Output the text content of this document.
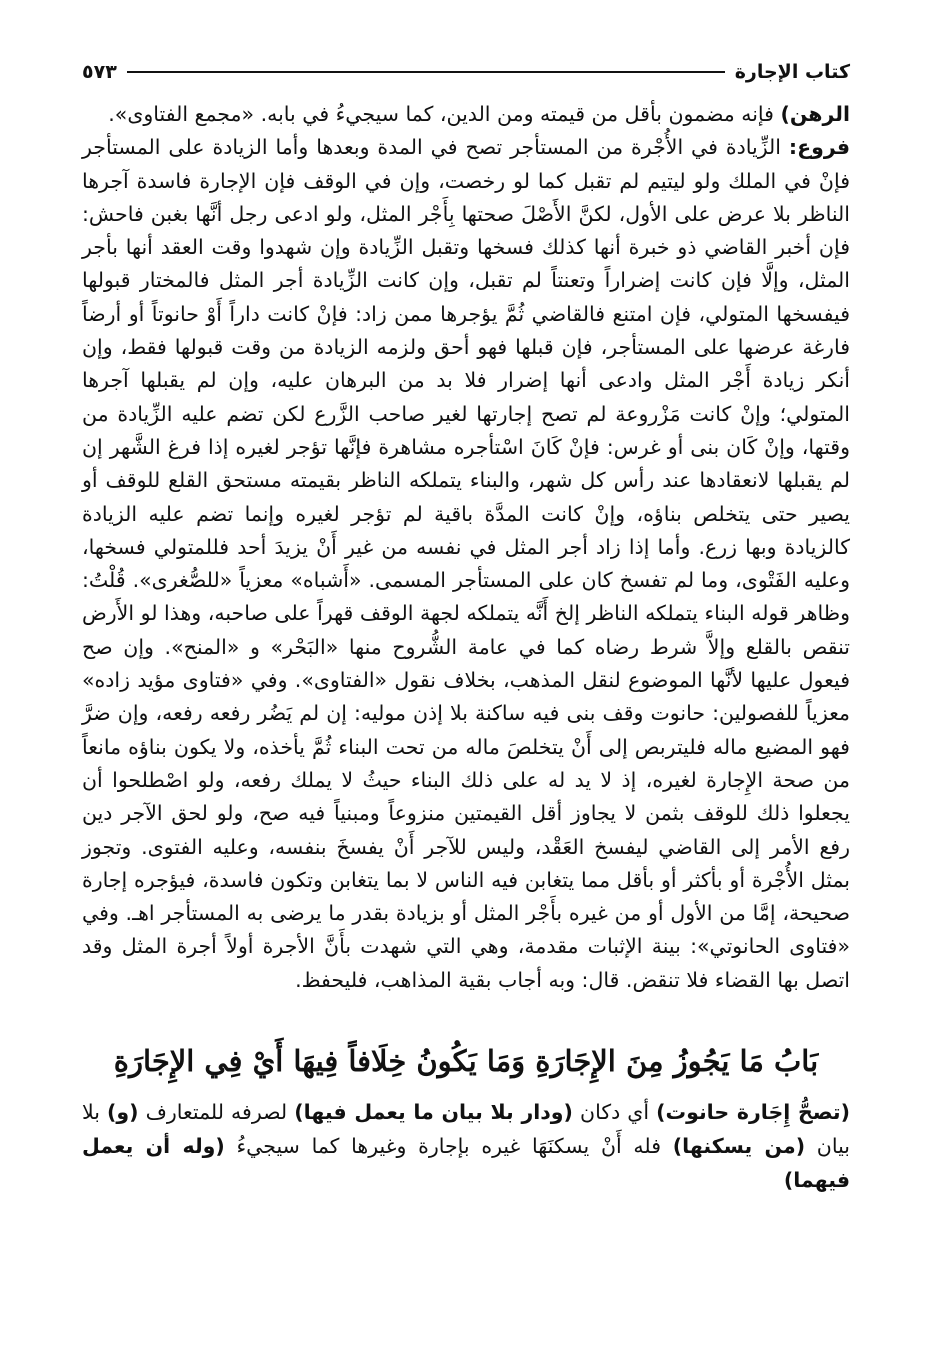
كتاب الإجارة
٥٧٣

الرهن) فإنه مضمون بأقل من قيمته ومن الدين، كما سيجيءُ في بابه. «مجمع الفتاوى».

فروع: الزِّيادة في الأُجْرة من المستأجر تصح في المدة وبعدها وأما الزيادة على المستأجر فإنْ في الملك ولو ليتيم لم تقبل كما لو رخصت، وإن في الوقف فإن الإجارة فاسدة آجرها الناظر بلا عرض على الأول، لكنَّ الأَصْلَ صحتها بِأَجْر المثل، ولو ادعى رجل أنَّها بغبن فاحش: فإن أخبر القاضي ذو خبرة أنها كذلك فسخها وتقبل الزِّيادة وإن شهدوا وقت العقد أنها بأجر المثل، وإلَّا فإن كانت إضراراً وتعنتاً لم تقبل، وإن كانت الزِّيادة أجر المثل فالمختار قبولها فيفسخها المتولي، فإن امتنع فالقاضي ثُمَّ يؤجرها ممن زاد: فإنْ كانت داراً أَوْ حانوتاً أو أرضاً فارغة عرضها على المستأجر، فإن قبلها فهو أحق ولزمه الزيادة من وقت قبولها فقط، وإن أنكر زيادة أَجْر المثل وادعى أنها إضرار فلا بد من البرهان عليه، وإن لم يقبلها آجرها المتولي؛ وإنْ كانت مَزْروعة لم تصح إجارتها لغير صاحب الزَّرع لكن تضم عليه الزِّيادة من وقتها، وإنْ كَان بنى أو غرس: فإنْ كَانَ اسْتأجره مشاهرة فإنَّها تؤجر لغيره إذا فرغ الشَّهر إن لم يقبلها لانعقادها عند رأس كل شهر، والبناء يتملكه الناظر بقيمته مستحق القلع للوقف أو يصير حتى يتخلص بناؤه، وإنْ كانت المدَّة باقية لم تؤجر لغيره وإنما تضم عليه الزيادة كالزيادة وبها زرع. وأما إذا زاد أجر المثل في نفسه من غير أَنْ يزيدَ أحد فللمتولي فسخها، وعليه الفَتْوى، وما لم تفسخ كان على المستأجر المسمى. «أَشباه» معزياً «للصُّغرى». قُلْتُ: وظاهر قوله البناء يتملكه الناظر إلخ أَنَّه يتملكه لجهة الوقف قهراً على صاحبه، وهذا لو الأَرض تنقص بالقلع وإلاَّ شرط رضاه كما في عامة الشُّروح منها «البَحْر» و «المنح». وإن صح فيعول عليها لأنَّها الموضوع لنقل المذهب، بخلاف نقول «الفتاوى». وفي «فتاوى مؤيد زاده» معزياً للفصولين: حانوت وقف بنى فيه ساكنة بلا إذن موليه: إن لم يَضُر رفعه رفعه، وإن ضرَّ فهو المضيع ماله فليتربص إلى أَنْ يتخلصَ ماله من تحت البناء ثُمَّ يأخذه، ولا يكون بناؤه مانعاً من صحة الإِجارة لغيره، إذ لا يد له على ذلك البناء حيثُ لا يملك رفعه، ولو اصْطلحوا أن يجعلوا ذلك للوقف بثمن لا يجاوز أقل القيمتين منزوعاً ومبنياً فيه صح، ولو لحق الآجر دين رفع الأمر إلى القاضي ليفسخ العَقْد، وليس للآجر أَنْ يفسخَ بنفسه، وعليه الفتوى. وتجوز بمثل الأُجْرة أو بأكثر أو بأقل مما يتغابن فيه الناس لا بما يتغابن وتكون فاسدة، فيؤجره إجارة صحيحة، إمَّا من الأول أو من غيره بأَجْر المثل أو بزيادة بقدر ما يرضى به المستأجر اهـ. وفي «فتاوى الحانوتي»: بينة الإثبات مقدمة، وهي التي شهدت بأَنَّ الأجرة أولاً أجرة المثل وقد اتصل بها القضاء فلا تنقض. قال: وبه أجاب بقية المذاهب، فليحفظ.

بَابُ مَا يَجُوزُ مِنَ الإِجَارَةِ وَمَا يَكُونُ خِلَافاً فِيهَا أَيْ فِي الإِجَارَةِ

(تصحُّ إِجَارة حانوت) أي دكان (ودار بلا بيان ما يعمل فيها) لصرفه للمتعارف (و) بلا بيان (من يسكنها) فله أَنْ يسكنَهَا غيره بإجارة وغيرها كما سيجيءُ (وله أن يعمل فيهما)
